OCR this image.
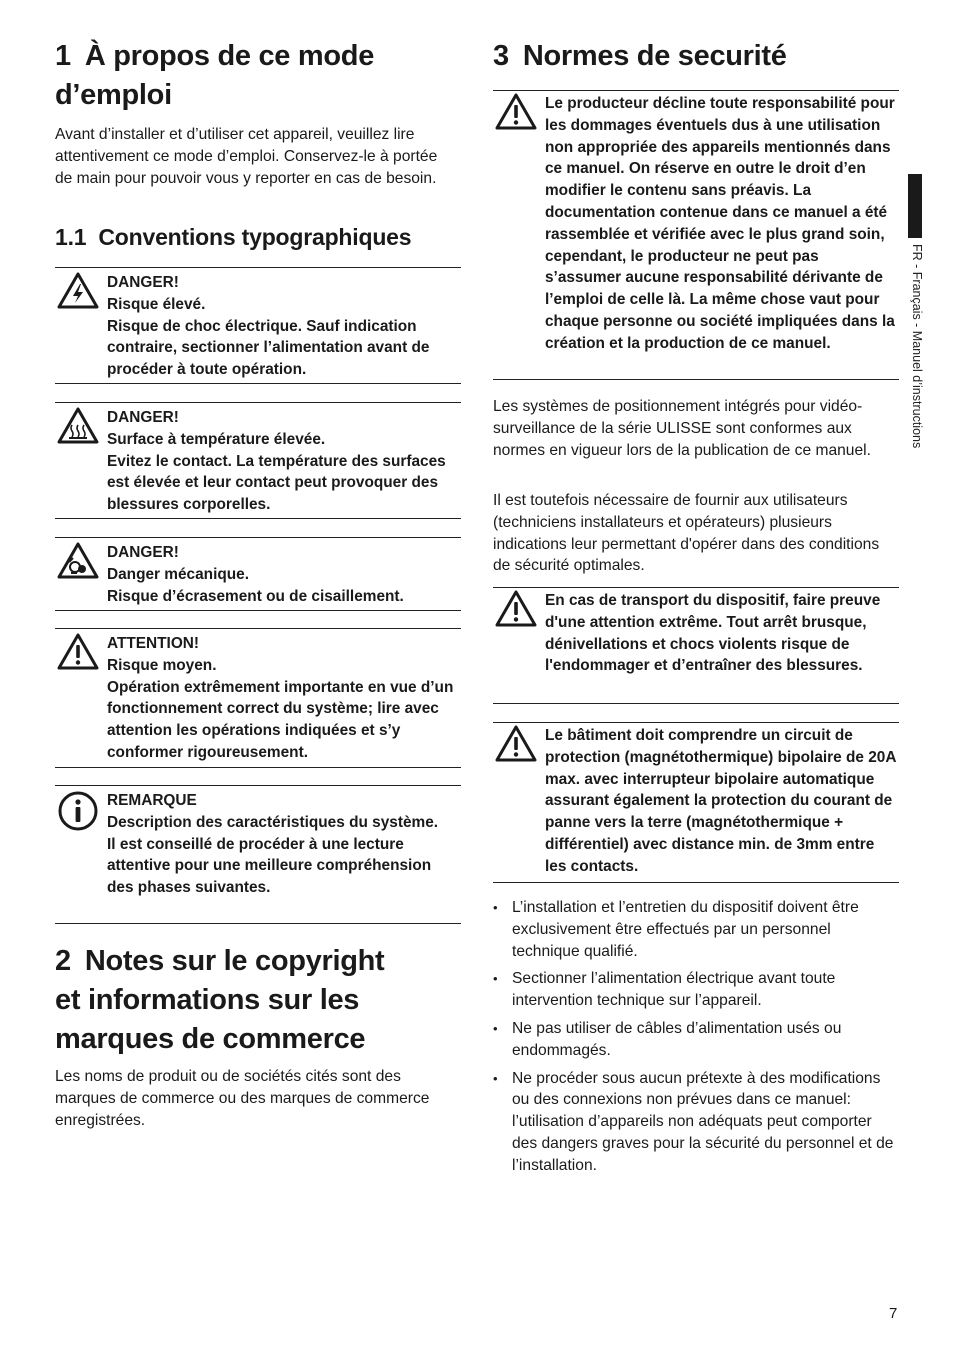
1 À propos de ce mode
d’emploi

Avant d’installer et d’utiliser cet appareil, veuillez lire attentivement ce mode d’emploi. Conservez-le à portée de main pour pouvoir vous y reporter en cas de besoin.

1.1 Conventions typographiques
DANGER!
Risque élevé.
Risque de choc électrique. Sauf indication contraire, sectionner l’alimentation avant de procéder à toute opération.
DANGER!
Surface à température élevée.
Evitez le contact. La température des surfaces est élevée et leur contact peut provoquer des blessures corporelles.
DANGER!
Danger mécanique.
Risque d’écrasement ou de cisaillement.
ATTENTION!
Risque moyen.
Opération extrêmement importante en vue d’un fonctionnement correct du système; lire avec attention les opérations indiquées et s’y conformer rigoureusement.
REMARQUE
Description des caractéristiques du système.
Il est conseillé de procéder à une lecture attentive pour une meilleure compréhension des phases suivantes.
2 Notes sur le copyright
et informations sur les
marques de commerce

Les noms de produit ou de sociétés cités sont des marques de commerce ou des marques de commerce enregistrées.

3 Normes de securité
Le producteur décline toute responsabilité pour les dommages éventuels dus à une utilisation non appropriée des appareils mentionnés dans ce manuel. On réserve en outre le droit d’en modifier le contenu sans préavis. La documentation contenue dans ce manuel a été rassemblée et vérifiée avec le plus grand soin, cependant, le producteur ne peut pas s’assumer aucune responsabilité dérivante de l’emploi de celle là. La même chose vaut pour chaque personne ou société impliquées dans la création et la production de ce manuel.

Les systèmes de positionnement intégrés pour vidéo-surveillance de la série ULISSE sont conformes aux normes en vigueur lors de la publication de ce manuel.

Il est toutefois nécessaire de fournir aux utilisateurs (techniciens installateurs et opérateurs) plusieurs indications leur permettant d'opérer dans des conditions de sécurité optimales.

En cas de transport du dispositif, faire preuve d'une attention extrême. Tout arrêt brusque, dénivellations et chocs violents risque de l'endommager et d’entraîner des blessures.
Le bâtiment doit comprendre un circuit de protection (magnétothermique) bipolaire de 20A max. avec interrupteur bipolaire automatique assurant également la protection du courant de panne vers la terre (magnétothermique + différentiel) avec distance min. de 3mm entre les contacts.
• L’installation et l’entretien du dispositif doivent être exclusivement être effectués par un personnel technique qualifié.
• Sectionner l’alimentation électrique avant toute intervention technique sur l’appareil.
• Ne pas utiliser de câbles d’alimentation usés ou endommagés.
• Ne procéder sous aucun prétexte à des modifications ou des connexions non prévues dans ce manuel: l’utilisation d’appareils non adéquats peut comporter des dangers graves pour la sécurité du personnel et de l’installation.
FR - Français - Manuel d’instructions
7
